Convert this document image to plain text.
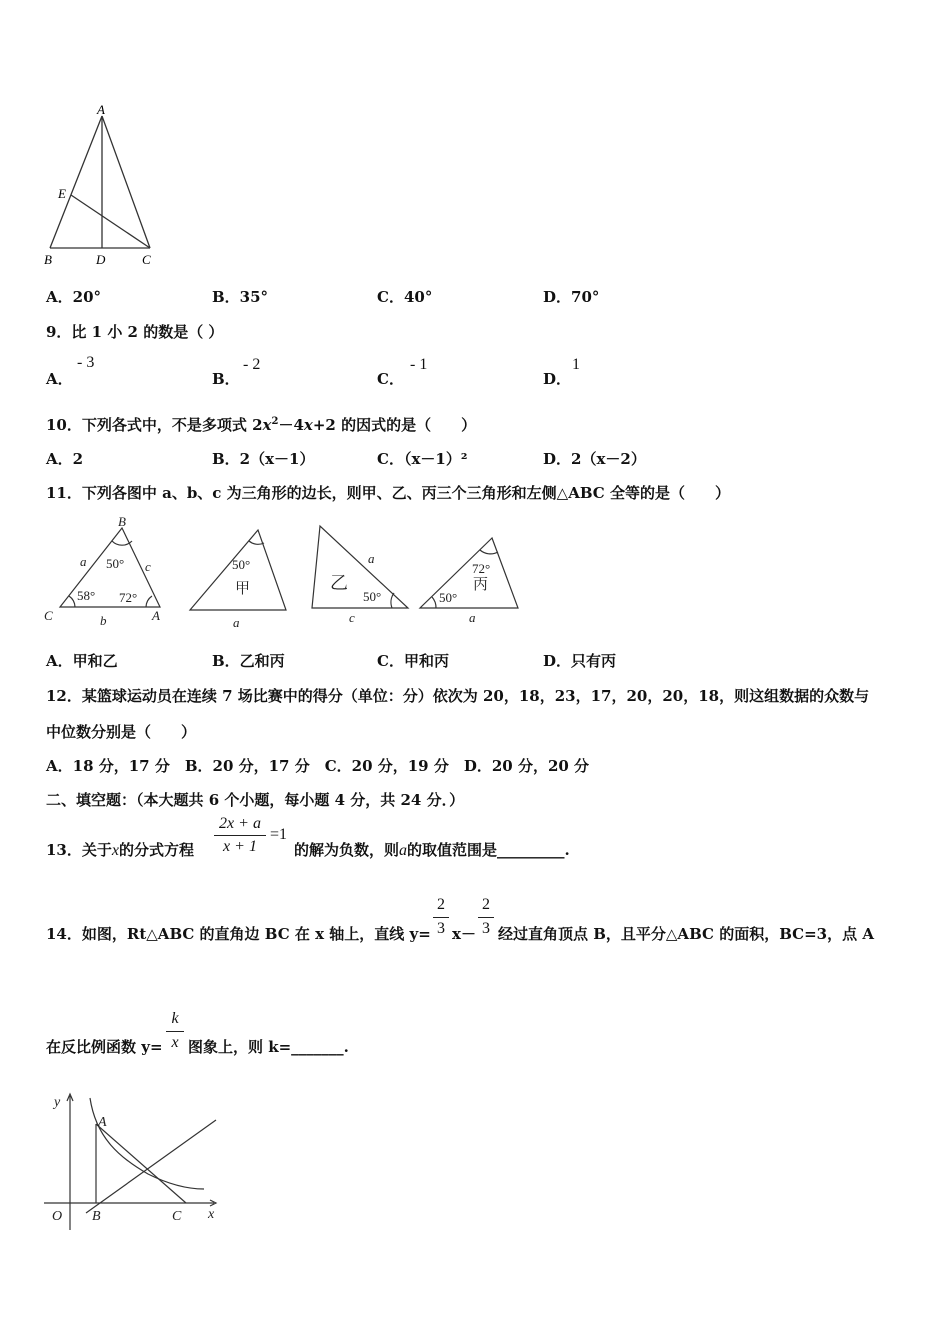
A
E
B	D	C
A．20°	B．35°	C．40°	D．70°
9．比 1 小 2 的数是（ ）
A．
- 3
B．
- 2
C．
- 1
D．
1
10．下列各式中，不是多项式 $2x^2-4x+2$ 的因式的是（　　）
A．2	B．2（x－1）	C．（x－1）²	D．2（x－2）
11．下列各图中 a、b、c 为三角形的边长，则甲、乙、丙三个三角形和左侧△ABC 全等的是（　　）
B
C	A
a	c
b
50°
58° 72°
50°
甲
a
乙
a
50°
c
72°
丙
50°
a
A．甲和乙	B．乙和丙	C．甲和丙	D．只有丙
12．某篮球运动员在连续 7 场比赛中的得分（单位：分）依次为 20，18，23，17，20，20，18，则这组数据的众数与
中位数分别是（　　）
A．18 分，17 分　B．20 分，17 分　C．20 分，19 分　D．20 分，20 分
二、填空题：（本大题共 6 个小题，每小题 4 分，共 24 分．）
13．关于x的分式方程 $\frac{2x + a}{x + 1} =1$
的解为负数，则a的取值范围是_________.
14．如图，Rt△ABC 的直角边 BC 在 x 轴上，直线 $y= \frac{2}{3} x- \frac{2}{3}$ 经过直角顶点 B，且平分△ABC 的面积，BC=3，点 A
在反比例函数 $y= \frac{k}{x}$ 图象上，则 k=_______.
y
x
O
A
B	C
